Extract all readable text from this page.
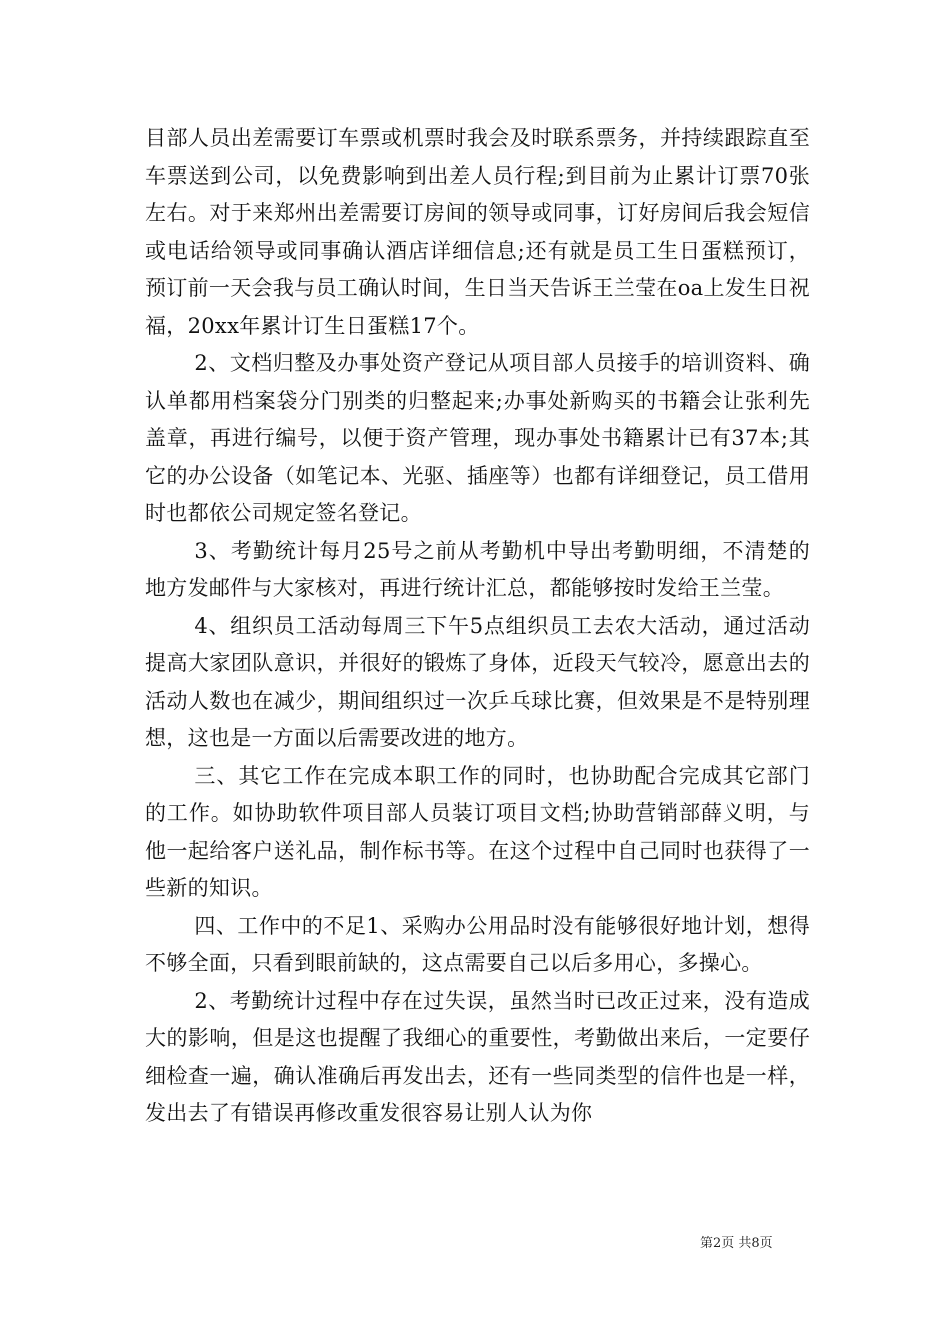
目部人员出差需要订车票或机票时我会及时联系票务，并持续跟踪直至车票送到公司，以免费影响到出差人员行程;到目前为止累计订票70张左右。对于来郑州出差需要订房间的领导或同事，订好房间后我会短信或电话给领导或同事确认酒店详细信息;还有就是员工生日蛋糕预订，预订前一天会我与员工确认时间，生日当天告诉王兰莹在oa上发生日祝福，20xx年累计订生日蛋糕17个。

2、文档归整及办事处资产登记从项目部人员接手的培训资料、确认单都用档案袋分门别类的归整起来;办事处新购买的书籍会让张利先盖章，再进行编号，以便于资产管理，现办事处书籍累计已有37本;其它的办公设备（如笔记本、光驱、插座等）也都有详细登记，员工借用时也都依公司规定签名登记。

3、考勤统计每月25号之前从考勤机中导出考勤明细，不清楚的地方发邮件与大家核对，再进行统计汇总，都能够按时发给王兰莹。

4、组织员工活动每周三下午5点组织员工去农大活动，通过活动提高大家团队意识，并很好的锻炼了身体，近段天气较冷，愿意出去的活动人数也在减少，期间组织过一次乒乓球比赛，但效果是不是特别理想，这也是一方面以后需要改进的地方。

三、其它工作在完成本职工作的同时，也协助配合完成其它部门的工作。如协助软件项目部人员装订项目文档;协助营销部薛义明，与他一起给客户送礼品，制作标书等。在这个过程中自己同时也获得了一些新的知识。

四、工作中的不足1、采购办公用品时没有能够很好地计划，想得不够全面，只看到眼前缺的，这点需要自己以后多用心，多操心。

2、考勤统计过程中存在过失误，虽然当时已改正过来，没有造成大的影响，但是这也提醒了我细心的重要性，考勤做出来后，一定要仔细检查一遍，确认准确后再发出去，还有一些同类型的信件也是一样，发出去了有错误再修改重发很容易让别人认为你

第2页 共8页
